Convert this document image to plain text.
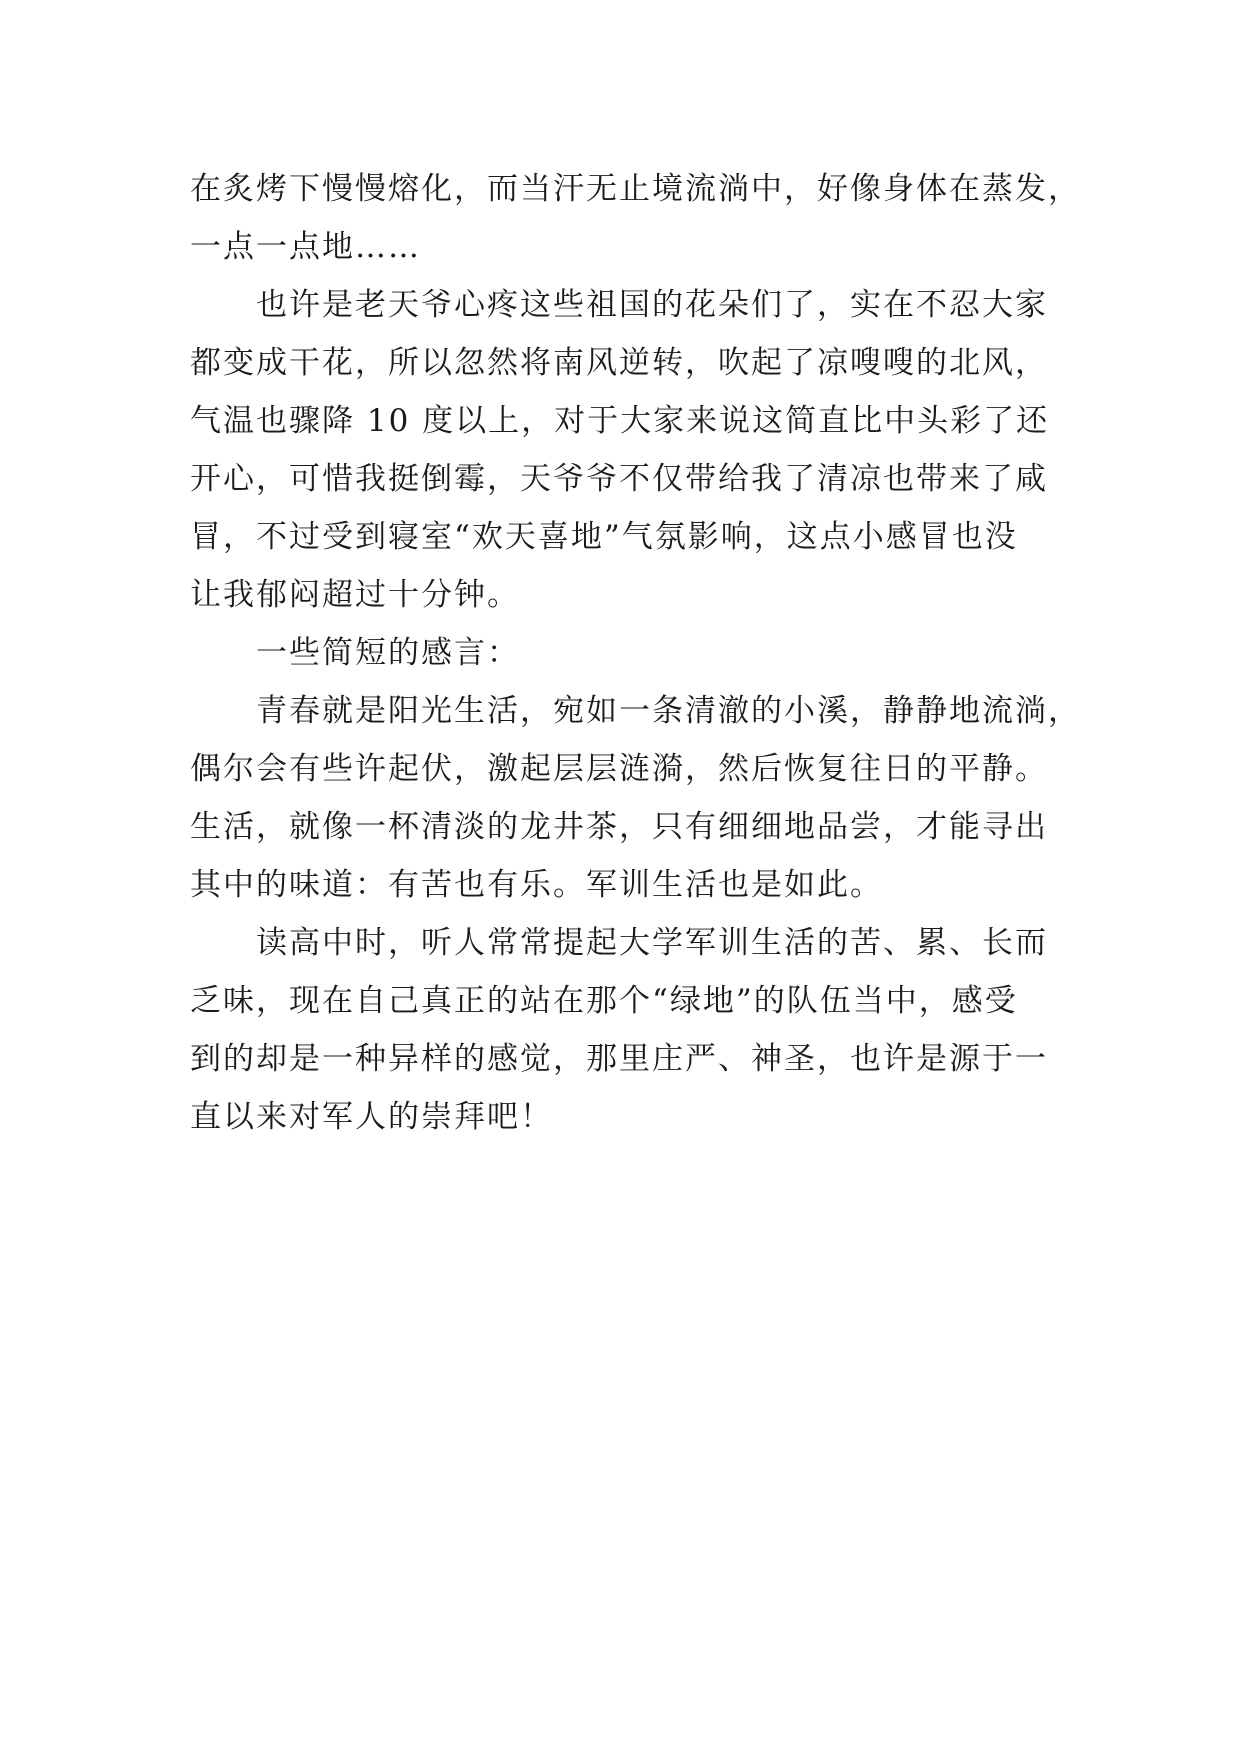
在炙烤下慢慢熔化，而当汗无止境流淌中，好像身体在蒸发，
一点一点地……
也许是老天爷心疼这些祖国的花朵们了，实在不忍大家
都变成干花，所以忽然将南风逆转，吹起了凉嗖嗖的北风，
气温也骤降 10 度以上，对于大家来说这简直比中头彩了还
开心，可惜我挺倒霉，天爷爷不仅带给我了清凉也带来了咸
冒，不过受到寝室“欢天喜地”气氛影响，这点小感冒也没
让我郁闷超过十分钟。
一些简短的感言：
青春就是阳光生活，宛如一条清澈的小溪，静静地流淌，
偶尔会有些许起伏，激起层层涟漪，然后恢复往日的平静。
生活，就像一杯清淡的龙井茶，只有细细地品尝，才能寻出
其中的味道：有苦也有乐。军训生活也是如此。
读高中时，听人常常提起大学军训生活的苦、累、长而
乏味，现在自己真正的站在那个“绿地”的队伍当中，感受
到的却是一种异样的感觉，那里庄严、神圣，也许是源于一
直以来对军人的崇拜吧！
